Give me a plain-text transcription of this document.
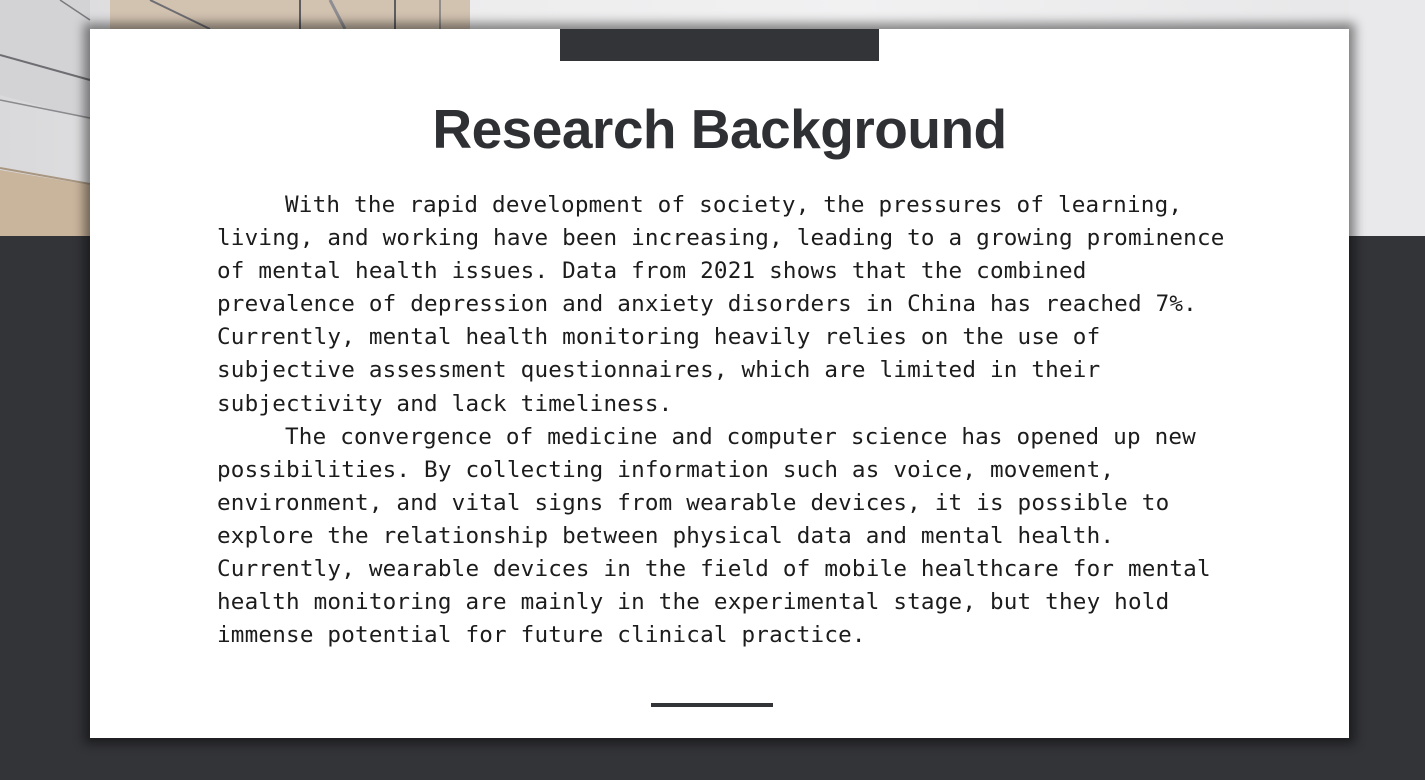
Research Background

With the rapid development of society, the pressures of learning, living, and working have been increasing, leading to a growing prominence of mental health issues. Data from 2021 shows that the combined prevalence of depression and anxiety disorders in China has reached 7%. Currently, mental health monitoring heavily relies on the use of subjective assessment questionnaires, which are limited in their subjectivity and lack timeliness.

The convergence of medicine and computer science has opened up new possibilities. By collecting information such as voice, movement, environment, and vital signs from wearable devices, it is possible to explore the relationship between physical data and mental health. Currently, wearable devices in the field of mobile healthcare for mental health monitoring are mainly in the experimental stage, but they hold immense potential for future clinical practice.
